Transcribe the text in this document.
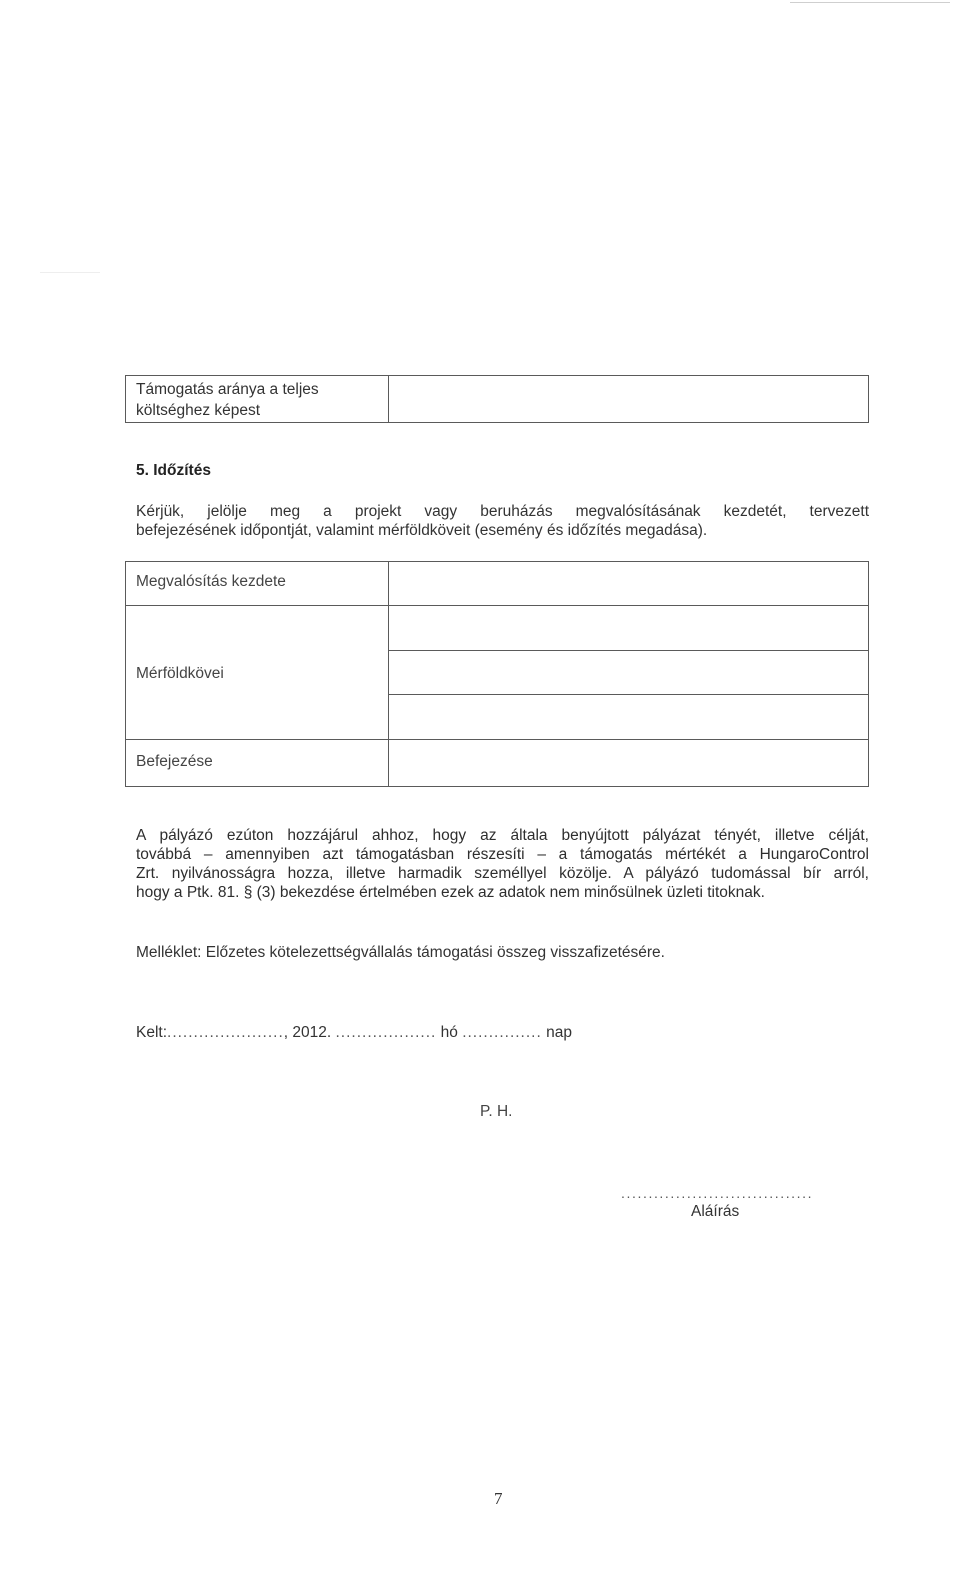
Támogatás aránya a teljes költséghez képest
5. Időzítés
Kérjük, jelölje meg a projekt vagy beruházás megvalósításának kezdetét, tervezett
befejezésének időpontját, valamint mérföldköveit (esemény és időzítés megadása).
Megvalósítás kezdete
Mérföldkövei
Befejezése
A pályázó ezúton hozzájárul ahhoz, hogy az általa benyújtott pályázat tényét, illetve célját,
továbbá – amennyiben azt támogatásban részesíti – a támogatás mértékét a HungaroControl
Zrt. nyilvánosságra hozza, illetve harmadik személlyel közölje. A pályázó tudomással bír arról,
hogy a Ptk. 81. § (3) bekezdése értelmében ezek az adatok nem minősülnek üzleti titoknak.
Melléklet: Előzetes kötelezettségvállalás támogatási összeg visszafizetésére.
Kelt:......................, 2012. ................... hó ............... nap
P. H.
...................................
Aláírás
7
